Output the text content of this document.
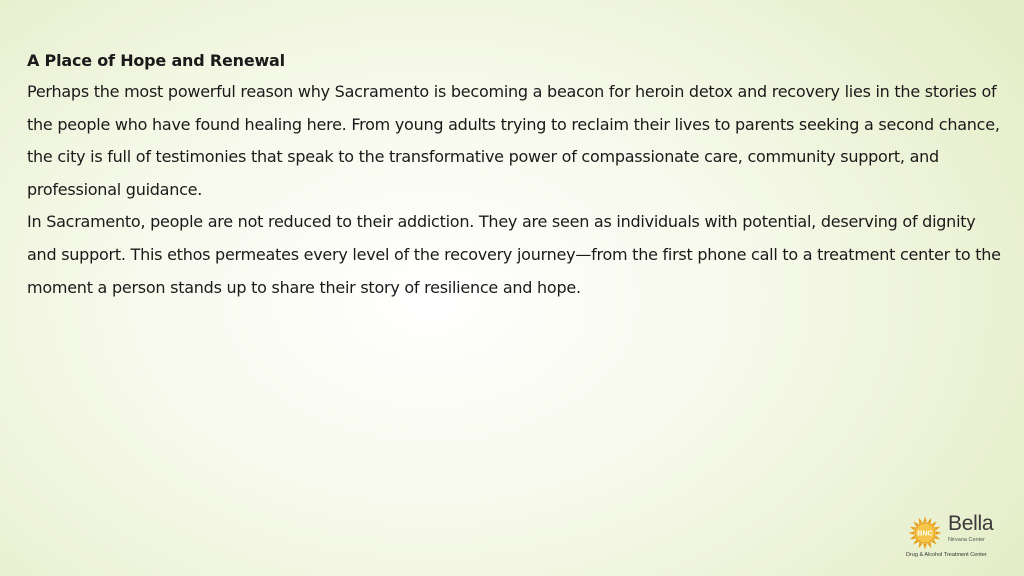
A Place of Hope and Renewal

Perhaps the most powerful reason why Sacramento is becoming a beacon for heroin detox and recovery lies in the stories of the people who have found healing here. From young adults trying to reclaim their lives to parents seeking a second chance, the city is full of testimonies that speak to the transformative power of compassionate care, community support, and professional guidance.

In Sacramento, people are not reduced to their addiction. They are seen as individuals with potential, deserving of dignity and support. This ethos permeates every level of the recovery journey—from the first phone call to a treatment center to the moment a person stands up to share their story of resilience and hope.

BNC Bella
Nirvana Center
Drug & Alcohol Treatment Center
